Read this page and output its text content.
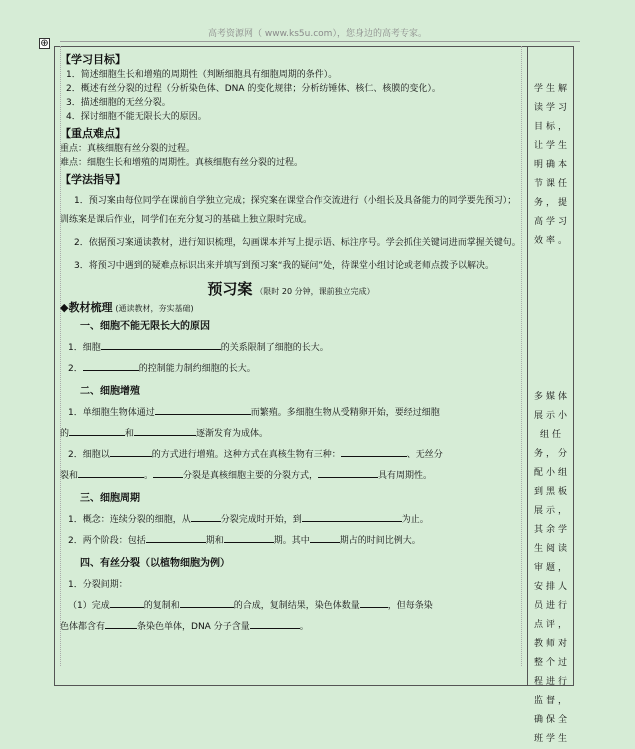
高考资源网（ www.ks5u.com），您身边的高考专家。
⊕
【学习目标】
1．简述细胞生长和增殖的周期性（判断细胞具有细胞周期的条件）。
2．概述有丝分裂的过程（分析染色体、DNA 的变化规律；分析纺锤体、核仁、核膜的变化）。
3．描述细胞的无丝分裂。
4．探讨细胞不能无限长大的原因。
【重点难点】
重点：真核细胞有丝分裂的过程。
难点：细胞生长和增殖的周期性。真核细胞有丝分裂的过程。
【学法指导】
1．预习案由每位同学在课前自学独立完成；探究案在课堂合作交流进行（小组长及具备能力的同学要先预习）；训练案是课后作业，同学们在充分复习的基础上独立限时完成。
2．依据预习案通读教材，进行知识梳理，勾画课本并写上提示语、标注序号。学会抓住关键词进而掌握关键句。
3．将预习中遇到的疑难点标识出来并填写到预习案“我的疑问”处，待课堂小组讨论或老师点拨予以解决。
预习案 （限时 20 分钟，课前独立完成）
◆教材梳理 (通读教材，夯实基础)
一、细胞不能无限长大的原因
1．细胞	的关系限制了细胞的长大。
2．	的控制能力制约细胞的长大。
二、细胞增殖
1．单细胞生物体通过	而繁殖。多细胞生物从受精卵开始，要经过细胞
的	和	逐渐发育为成体。
2．细胞以	的方式进行增殖。这种方式在真核生物有三种：	、无丝分
裂和	。	分裂是真核细胞主要的分裂方式，	具有周期性。
三、细胞周期
1．概念：连续分裂的细胞，从	分裂完成时开始，到	为止。
2．两个阶段：包括	期和	期。其中	期占的时间比例大。
四、有丝分裂（以植物细胞为例）
1．分裂间期：
（1）完成	的复制和	的合成，复制结果，染色体数量	，但每条染
色体都含有	条染色单体，DNA 分子含量	。
学生解读学习目标，让学生明确本节课任务，提高学习效率。
多媒体展示小组任务，分配小组到黑板展示，其余学生阅读审题，安排人员进行点评，教师对整个过程进行监督，确保全班学生
